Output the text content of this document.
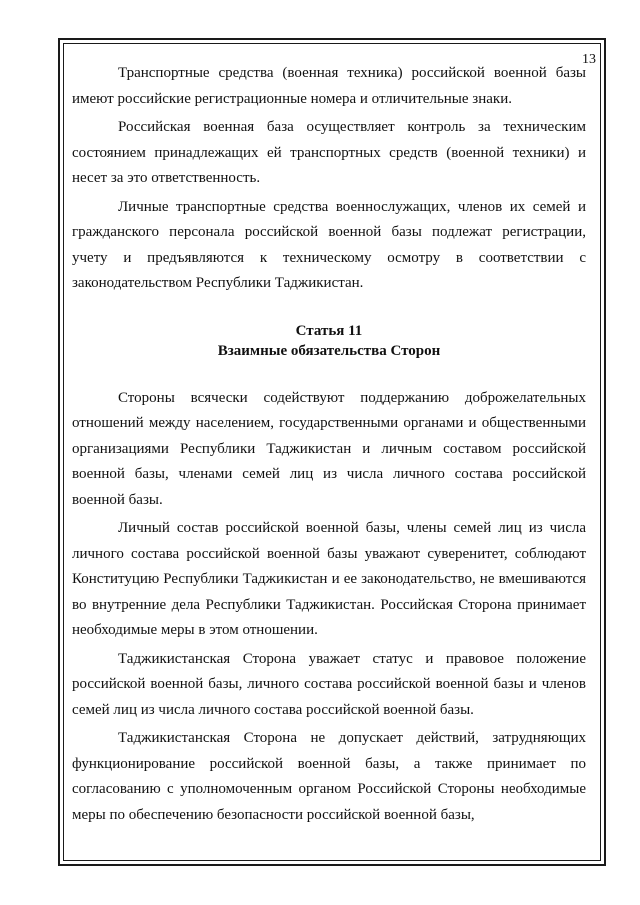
13

Транспортные средства (военная техника) российской военной базы имеют российские регистрационные номера и отличительные знаки.

Российская военная база осуществляет контроль за техническим состоянием принадлежащих ей транспортных средств (военной техники) и несет за это ответственность.

Личные транспортные средства военнослужащих, членов их семей и гражданского персонала российской военной базы подлежат регистрации, учету и предъявляются к техническому осмотру в соответствии с законодательством Республики Таджикистан.

Статья 11
Взаимные обязательства Сторон

Стороны всячески содействуют поддержанию доброжелательных отношений между населением, государственными органами и общественными организациями Республики Таджикистан и личным составом российской военной базы, членами семей лиц из числа личного состава российской военной базы.

Личный состав российской военной базы, члены семей лиц из числа личного состава российской военной базы уважают суверенитет, соблюдают Конституцию Республики Таджикистан и ее законодательство, не вмешиваются во внутренние дела Республики Таджикистан. Российская Сторона принимает необходимые меры в этом отношении.

Таджикистанская Сторона уважает статус и правовое положение российской военной базы, личного состава российской военной базы и членов семей лиц из числа личного состава российской военной базы.

Таджикистанская Сторона не допускает действий, затрудняющих функционирование российской военной базы, а также принимает по согласованию с уполномоченным органом Российской Стороны необходимые меры по обеспечению безопасности российской военной базы,
